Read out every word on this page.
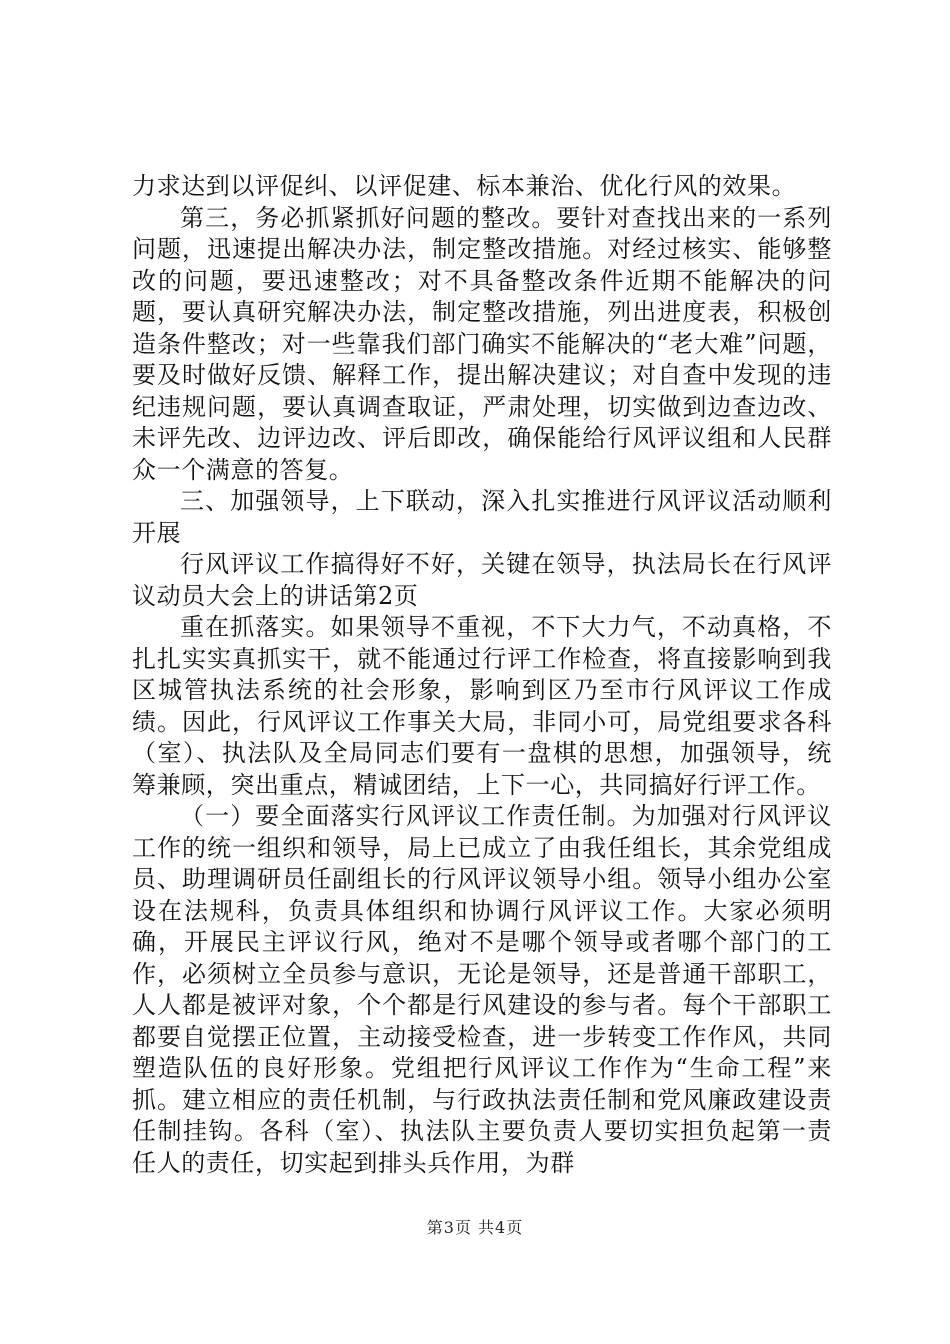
力求达到以评促纠、以评促建、标本兼治、优化行风的效果。

第三，务必抓紧抓好问题的整改。要针对查找出来的一系列问题，迅速提出解决办法，制定整改措施。对经过核实、能够整改的问题，要迅速整改；对不具备整改条件近期不能解决的问题，要认真研究解决办法，制定整改措施，列出进度表，积极创造条件整改；对一些靠我们部门确实不能解决的“老大难”问题，要及时做好反馈、解释工作，提出解决建议；对自查中发现的违纪违规问题，要认真调查取证，严肃处理，切实做到边查边改、未评先改、边评边改、评后即改，确保能给行风评议组和人民群众一个满意的答复。

三、加强领导，上下联动，深入扎实推进行风评议活动顺利开展

行风评议工作搞得好不好，关键在领导，执法局长在行风评议动员大会上的讲话第2页

重在抓落实。如果领导不重视，不下大力气，不动真格，不扎扎实实真抓实干，就不能通过行评工作检查，将直接影响到我区城管执法系统的社会形象，影响到区乃至市行风评议工作成绩。因此，行风评议工作事关大局，非同小可，局党组要求各科（室）、执法队及全局同志们要有一盘棋的思想，加强领导，统筹兼顾，突出重点，精诚团结，上下一心，共同搞好行评工作。

（一）要全面落实行风评议工作责任制。为加强对行风评议工作的统一组织和领导，局上已成立了由我任组长，其余党组成员、助理调研员任副组长的行风评议领导小组。领导小组办公室设在法规科，负责具体组织和协调行风评议工作。大家必须明确，开展民主评议行风，绝对不是哪个领导或者哪个部门的工作，必须树立全员参与意识，无论是领导，还是普通干部职工，人人都是被评对象，个个都是行风建设的参与者。每个干部职工都要自觉摆正位置，主动接受检查，进一步转变工作作风，共同塑造队伍的良好形象。党组把行风评议工作作为“生命工程”来抓。建立相应的责任机制，与行政执法责任制和党风廉政建设责任制挂钩。各科（室）、执法队主要负责人要切实担负起第一责任人的责任，切实起到排头兵作用，为群

第3页 共4页
